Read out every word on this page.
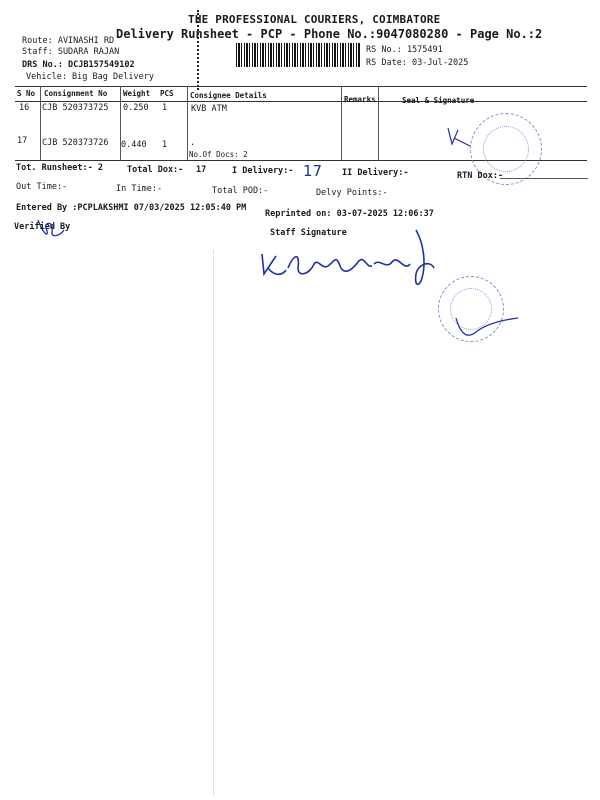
THE PROFESSIONAL COURIERS, COIMBATORE
Delivery Runsheet - PCP - Phone No.:9047080280 - Page No.:2
Route: AVINASHI RD
Staff: SUDARA RAJAN
DRS No.: DCJB157549102
Vehicle: Big Bag Delivery
RS No.: 1575491
RS Date: 03-Jul-2025
S No Consignment No Weight PCS Consignee Details	Remarks	Seal & Signature
16 CJB 520373725 0.250 1	KVB ATM
17 CJB 520373726 0.440 1	.
No.Of Docs: 2
Tot. Runsheet:- 2	Total Dox:- 17	I Delivery:- 17 II Delivery:-	RTN Dox:-
Out Time:-	In Time:-	Total POD:-	Delvy Points:-
Entered By :PCPLAKSHMI 07/03/2025 12:05:40 PM
Reprinted on: 03-07-2025 12:06:37
Verified By
Staff Signature
